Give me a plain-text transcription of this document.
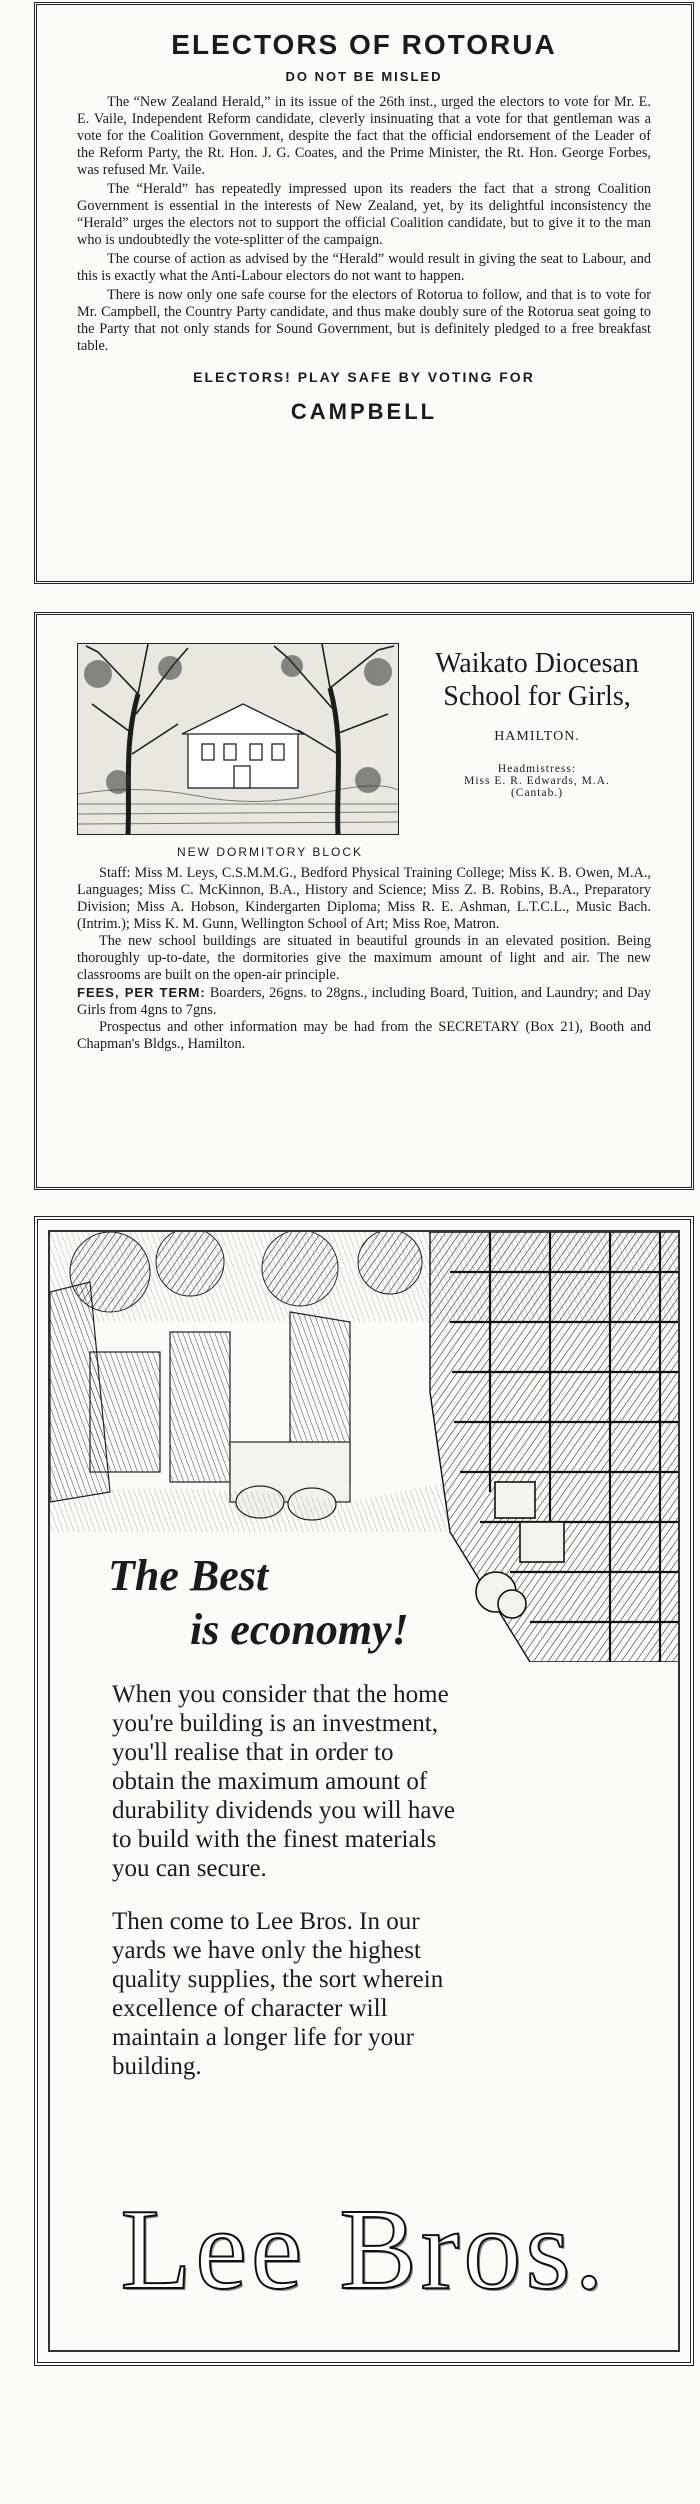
ELECTORS OF ROTORUA
DO NOT BE MISLED

The “New Zealand Herald,” in its issue of the 26th inst., urged the electors to vote for Mr. E. E. Vaile, Independent Reform candidate, cleverly insinuating that a vote for that gentleman was a vote for the Coalition Government, despite the fact that the official endorsement of the Leader of the Reform Party, the Rt. Hon. J. G. Coates, and the Prime Minister, the Rt. Hon. George Forbes, was refused Mr. Vaile.

The “Herald” has repeatedly impressed upon its readers the fact that a strong Coalition Government is essential in the interests of New Zealand, yet, by its delightful inconsistency the “Herald” urges the electors not to support the official Coalition candidate, but to give it to the man who is undoubtedly the vote-splitter of the campaign.

The course of action as advised by the “Herald” would result in giving the seat to Labour, and this is exactly what the Anti-Labour electors do not want to happen.

There is now only one safe course for the electors of Rotorua to follow, and that is to vote for Mr. Campbell, the Country Party candidate, and thus make doubly sure of the Rotorua seat going to the Party that not only stands for Sound Government, but is definitely pledged to a free breakfast table.

ELECTORS! PLAY SAFE BY VOTING FOR
CAMPBELL
Waikato Diocesan School for Girls,
HAMILTON.
Headmistress:
Miss E. R. Edwards, M.A.
(Cantab.)
NEW DORMITORY BLOCK

Staff: Miss M. Leys, C.S.M.M.G., Bedford Physical Training College; Miss K. B. Owen, M.A., Languages; Miss C. McKinnon, B.A., History and Science; Miss Z. B. Robins, B.A., Preparatory Division; Miss A. Hobson, Kindergarten Diploma; Miss R. E. Ashman, L.T.C.L., Music Bach. (Intrim.); Miss K. M. Gunn, Wellington School of Art; Miss Roe, Matron.

The new school buildings are situated in beautiful grounds in an elevated position. Being thoroughly up-to-date, the dormitories give the maximum amount of light and air. The new classrooms are built on the open-air principle.

FEES, PER TERM: Boarders, 26gns. to 28gns., including Board, Tuition, and Laundry; and Day Girls from 4gns to 7gns.

Prospectus and other information may be had from the SECRETARY (Box 21), Booth and Chapman's Bldgs., Hamilton.

The Best
is economy!

When you consider that the home you're building is an investment, you'll realise that in order to obtain the maximum amount of durability dividends you will have to build with the finest materials you can secure.

Then come to Lee Bros. In our yards we have only the highest quality supplies, the sort wherein excellence of character will maintain a longer life for your building.

Lee Bros.
